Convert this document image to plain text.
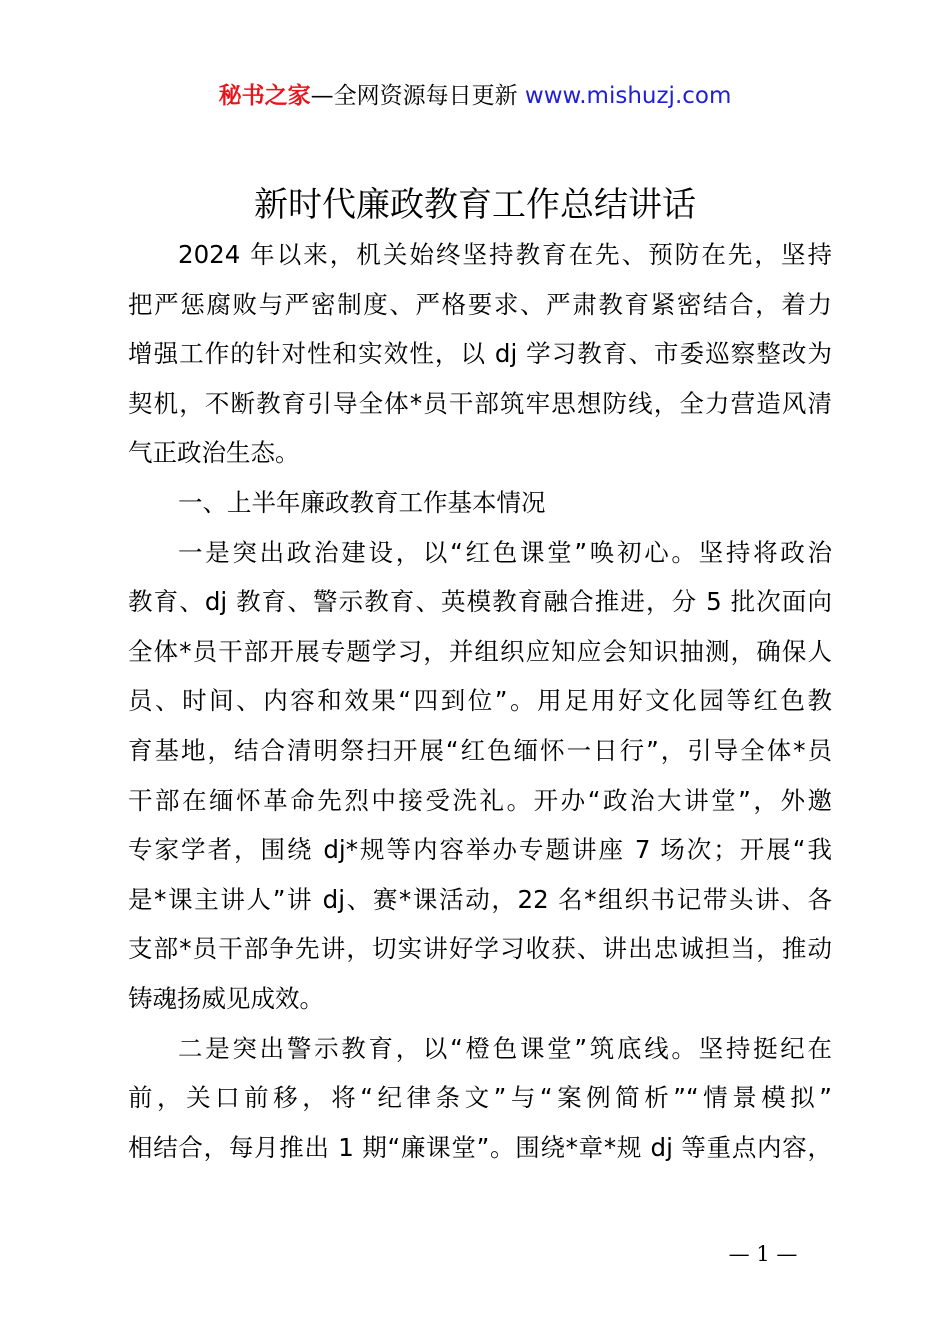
秘书之家—全网资源每日更新 www.mishuzj.com
新时代廉政教育工作总结讲话
2024 年以来，机关始终坚持教育在先、预防在先，坚持
把严惩腐败与严密制度、严格要求、严肃教育紧密结合，着力
增强工作的针对性和实效性，以 dj 学习教育、市委巡察整改为
契机，不断教育引导全体*员干部筑牢思想防线，全力营造风清
气正政治生态。
一、上半年廉政教育工作基本情况
一是突出政治建设，以“红色课堂”唤初心。坚持将政治
教育、dj 教育、警示教育、英模教育融合推进，分 5 批次面向
全体*员干部开展专题学习，并组织应知应会知识抽测，确保人
员、时间、内容和效果“四到位”。用足用好文化园等红色教
育基地，结合清明祭扫开展“红色缅怀一日行”，引导全体*员
干部在缅怀革命先烈中接受洗礼。开办“政治大讲堂”，外邀
专家学者，围绕 dj*规等内容举办专题讲座 7 场次；开展“我
是*课主讲人”讲 dj、赛*课活动，22 名*组织书记带头讲、各
支部*员干部争先讲，切实讲好学习收获、讲出忠诚担当，推动
铸魂扬威见成效。
二是突出警示教育，以“橙色课堂”筑底线。坚持挺纪在
前，关口前移，将“纪律条文”与“案例简析”“情景模拟”
相结合，每月推出 1 期“廉课堂”。围绕*章*规 dj 等重点内容，
— 1 —
